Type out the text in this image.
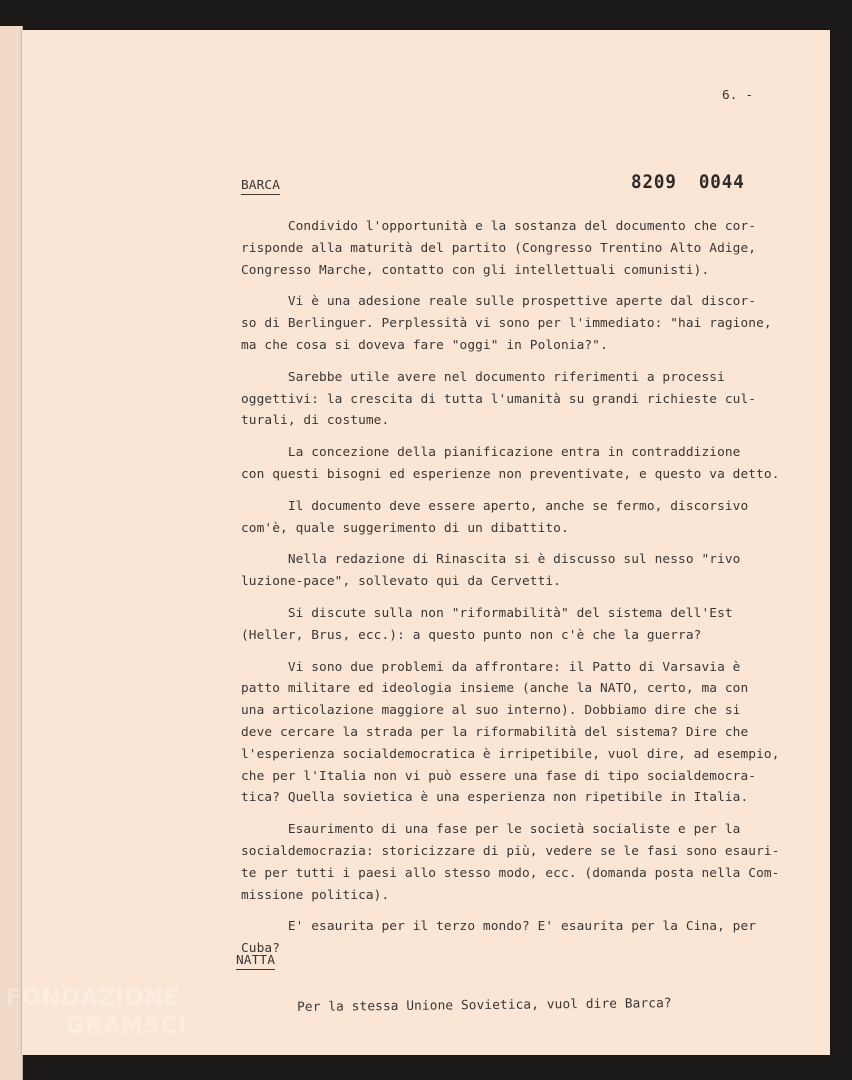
6. -
BARCA	8209 0044

Condivido l'opportunità e la sostanza del documento che cor-
risponde alla maturità del partito (Congresso Trentino Alto Adige,
Congresso Marche, contatto con gli intellettuali comunisti).

Vi è una adesione reale sulle prospettive aperte dal discor-
so di Berlinguer. Perplessità vi sono per l'immediato: "hai ragione,
ma che cosa si doveva fare "oggi" in Polonia?".

Sarebbe utile avere nel documento riferimenti a processi
oggettivi: la crescita di tutta l'umanità su grandi richieste cul-
turali, di costume.

La concezione della pianificazione entra in contraddizione
con questi bisogni ed esperienze non preventivate, e questo va detto.

Il documento deve essere aperto, anche se fermo, discorsivo
com'è, quale suggerimento di un dibattito.

Nella redazione di Rinascita si è discusso sul nesso "rivo
luzione-pace", sollevato qui da Cervetti.

Si discute sulla non "riformabilità" del sistema dell'Est
(Heller, Brus, ecc.): a questo punto non c'è che la guerra?

Vi sono due problemi da affrontare: il Patto di Varsavia è
patto militare ed ideologia insieme (anche la NATO, certo, ma con
una articolazione maggiore al suo interno). Dobbiamo dire che si
deve cercare la strada per la riformabilità del sistema? Dire che
l'esperienza socialdemocratica è irripetibile, vuol dire, ad esempio,
che per l'Italia non vi può essere una fase di tipo socialdemocra-
tica? Quella sovietica è una esperienza non ripetibile in Italia.

Esaurimento di una fase per le società socialiste e per la
socialdemocrazia: storicizzare di più, vedere se le fasi sono esauri-
te per tutti i paesi allo stesso modo, ecc. (domanda posta nella Com-
missione politica).

E' esaurita per il terzo mondo? E' esaurita per la Cina, per
Cuba?

NATTA
Per la stessa Unione Sovietica, vuol dire Barca?
FONDAZIONE
GRAMSCI
